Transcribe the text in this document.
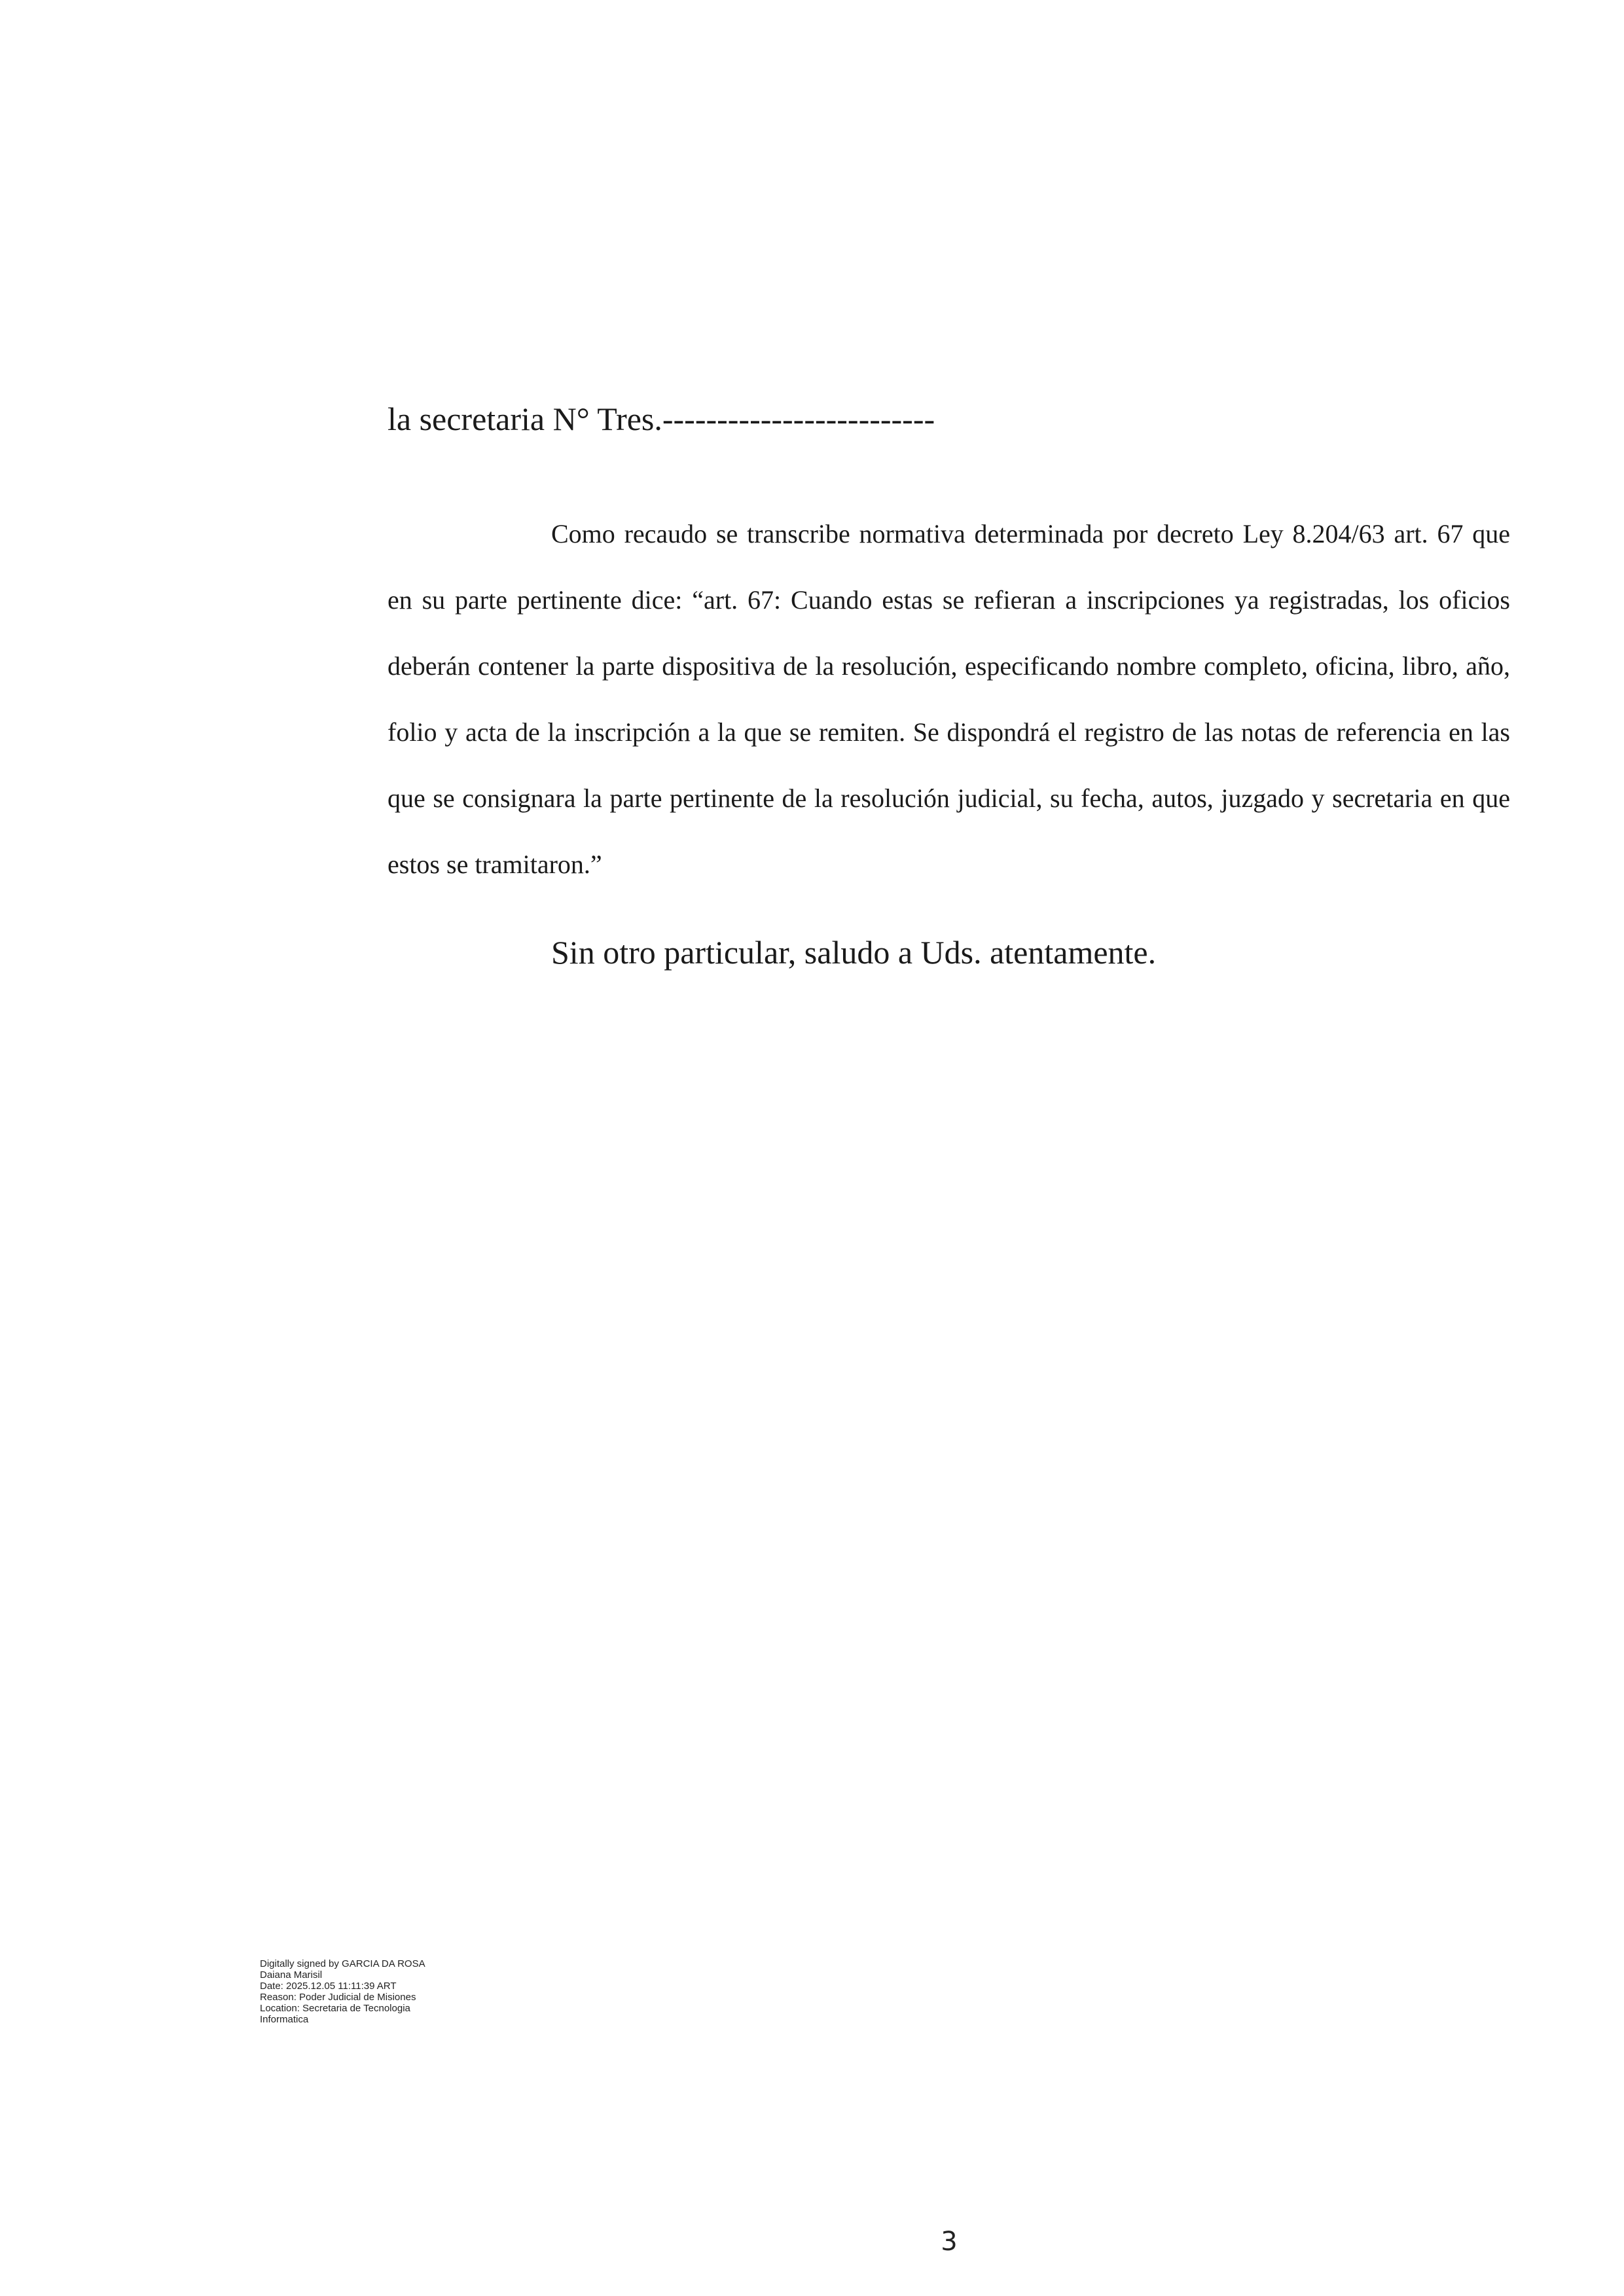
la secretaria N° Tres.-------------------------

Como recaudo se transcribe normativa determinada por decreto Ley 8.204/63 art. 67 que en su parte pertinente dice: “art. 67: Cuando estas se refieran a inscripciones ya registradas, los oficios deberán contener la parte dispositiva de la resolución, especificando nombre completo, oficina, libro, año, folio y acta de la inscripción a la que se remiten. Se dispondrá el registro de las notas de referencia en las que se consignara la parte pertinente de la resolución judicial, su fecha, autos, juzgado y secretaria en que estos se tramitaron.”

Sin otro particular, saludo a Uds. atentamente.
Digitally signed by GARCIA DA ROSA
Daiana Marisil
Date: 2025.12.05 11:11:39 ART
Reason: Poder Judicial de Misiones
Location: Secretaria de Tecnologia
Informatica
3
